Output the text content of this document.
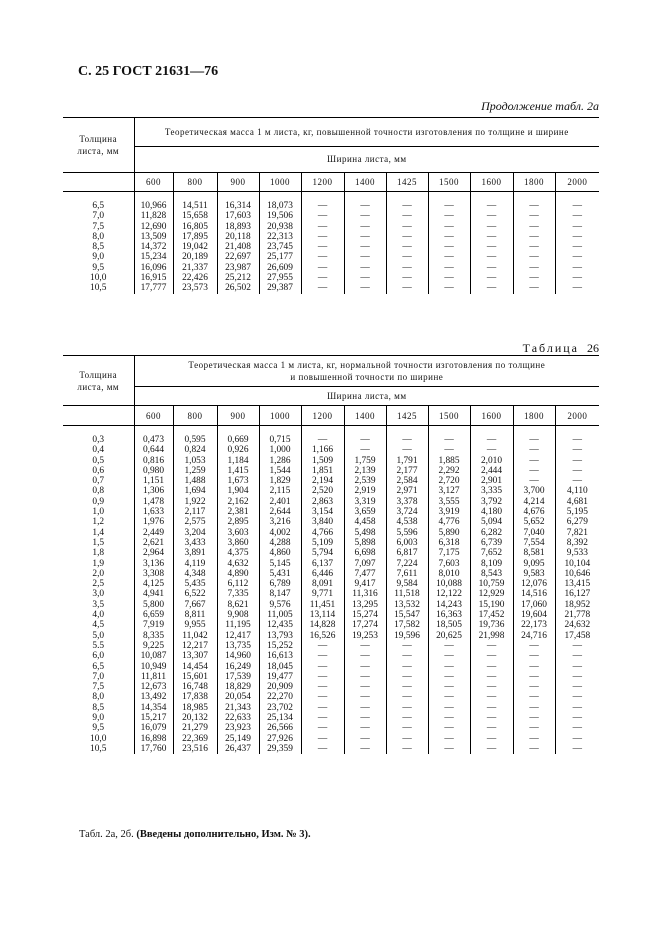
С. 25 ГОСТ 21631—76
Продолжение табл. 2а
Толщина листа, мм	Теоретическая масса 1 м листа, кг, повышенной точности изготовления по толщине и ширине										
	Ширина листа, мм										
	600	800	900	1000	1200	1400	1425	1500	1600	1800	2000

6,5	10,966	14,511	16,314	18,073	—	—	—	—	—	—	—
7,0	11,828	15,658	17,603	19,506	—	—	—	—	—	—	—
7,5	12,690	16,805	18,893	20,938	—	—	—	—	—	—	—
8,0	13,509	17,895	20,118	22,313	—	—	—	—	—	—	—
8,5	14,372	19,042	21,408	23,745	—	—	—	—	—	—	—
9,0	15,234	20,189	22,697	25,177	—	—	—	—	—	—	—
9,5	16,096	21,337	23,987	26,609	—	—	—	—	—	—	—
10,0	16,915	22,426	25,212	27,955	—	—	—	—	—	—	—
10,5	17,777	23,573	26,502	29,387	—	—	—	—	—	—	—
Таблица 26
Толщина листа, мм	Теоретическая масса 1 м листа, кг, нормальной точности изготовления по толщине
и повышенной точности по ширине										

	Ширина листа, мм										
	600	800	900	1000	1200	1400	1425	1500	1600	1800	2000

0,3	0,473	0,595	0,669	0,715	—	—	—	—	—	—	—
0,4	0,644	0,824	0,926	1,000	1,166	—	—	—	—	—	—
0,5	0,816	1,053	1,184	1,286	1,509	1,759	1,791	1,885	2,010	—	—
0,6	0,980	1,259	1,415	1,544	1,851	2,139	2,177	2,292	2,444	—	—
0,7	1,151	1,488	1,673	1,829	2,194	2,539	2,584	2,720	2,901	—	—
0,8	1,306	1,694	1,904	2,115	2,520	2,919	2,971	3,127	3,335	3,700	4,110
0,9	1,478	1,922	2,162	2,401	2,863	3,319	3,378	3,555	3,792	4,214	4,681
1,0	1,633	2,117	2,381	2,644	3,154	3,659	3,724	3,919	4,180	4,676	5,195
1,2	1,976	2,575	2,895	3,216	3,840	4,458	4,538	4,776	5,094	5,652	6,279
1,4	2,449	3,204	3,603	4,002	4,766	5,498	5,596	5,890	6,282	7,040	7,821
1,5	2,621	3,433	3,860	4,288	5,109	5,898	6,003	6,318	6,739	7,554	8,392
1,8	2,964	3,891	4,375	4,860	5,794	6,698	6,817	7,175	7,652	8,581	9,533
1,9	3,136	4,119	4,632	5,145	6,137	7,097	7,224	7,603	8,109	9,095	10,104
2,0	3,308	4,348	4,890	5,431	6,446	7,477	7,611	8,010	8,543	9,583	10,646
2,5	4,125	5,435	6,112	6,789	8,091	9,417	9,584	10,088	10,759	12,076	13,415
3,0	4,941	6,522	7,335	8,147	9,771	11,316	11,518	12,122	12,929	14,516	16,127
3,5	5,800	7,667	8,621	9,576	11,451	13,295	13,532	14,243	15,190	17,060	18,952
4,0	6,659	8,811	9,908	11,005	13,114	15,274	15,547	16,363	17,452	19,604	21,778
4,5	7,919	9,955	11,195	12,435	14,828	17,274	17,582	18,505	19,736	22,173	24,632
5,0	8,335	11,042	12,417	13,793	16,526	19,253	19,596	20,625	21,998	24,716	17,458
5.5	9,225	12,217	13,735	15,252	—	—	—	—	—	—	—
6,0	10,087	13,307	14,960	16,613	—	—	—	—	—	—	—
6,5	10,949	14,454	16,249	18,045	—	—	—	—	—	—	—
7,0	11,811	15,601	17,539	19,477	—	—	—	—	—	—	—
7,5	12,673	16,748	18,829	20,909	—	—	—	—	—	—	—
8,0	13,492	17,838	20,054	22,270	—	—	—	—	—	—	—
8,5	14,354	18,985	21,343	23,702	—	—	—	—	—	—	—
9,0	15,217	20,132	22,633	25,134	—	—	—	—	—	—	—
9,5	16,079	21,279	23,923	26,566	—	—	—	—	—	—	—
10,0	16,898	22,369	25,149	27,926	—	—	—	—	—	—	—
10,5	17,760	23,516	26,437	29,359	—	—	—	—	—	—	—
Табл. 2а, 2б. (Введены дополнительно, Изм. № 3).
